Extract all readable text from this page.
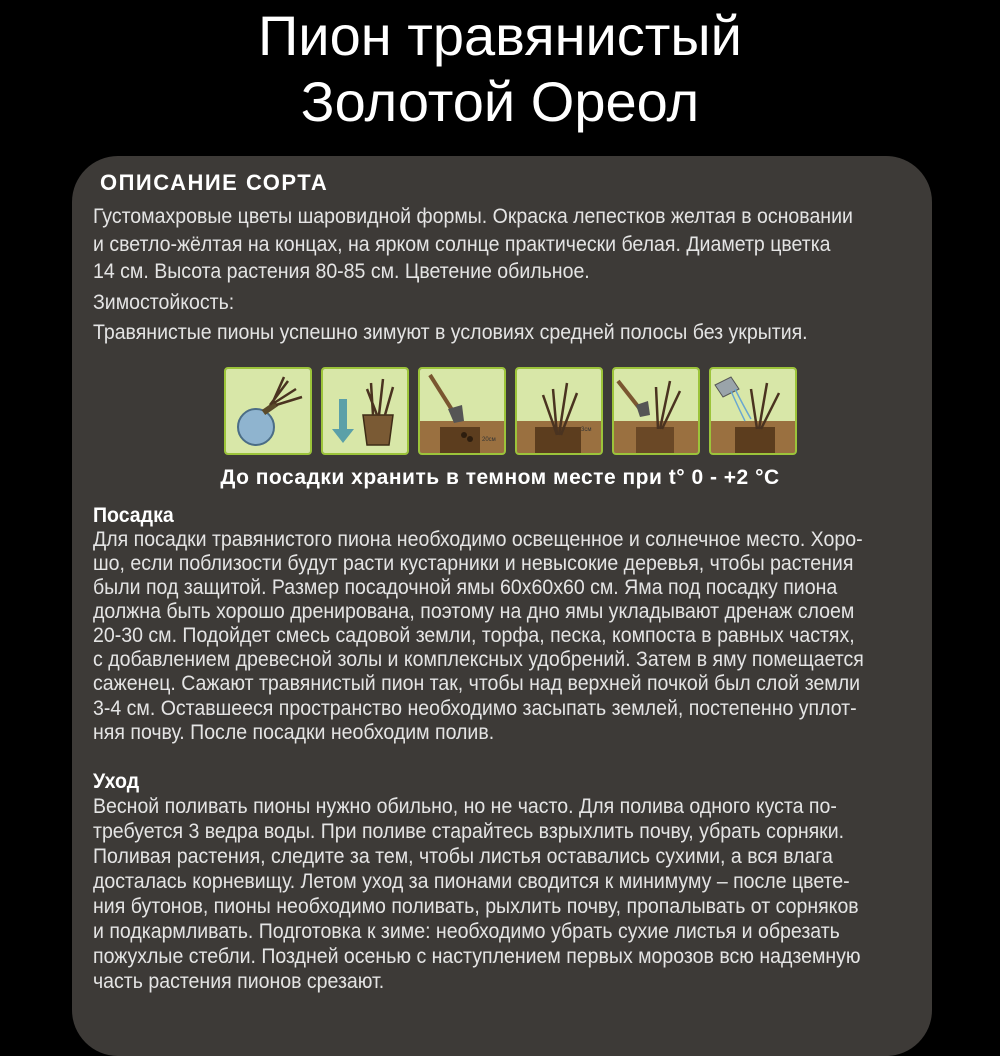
Пион травянистый
Золотой Ореол
ОПИСАНИЕ СОРТА
Густомахровые цветы шаровидной формы. Окраска лепестков желтая в основании
и светло-жёлтая на концах, на ярком солнце практически белая. Диаметр цветка
14 см. Высота растения 80-85 см. Цветение обильное.
Зимостойкость:
Травянистые пионы успешно зимуют в условиях средней полосы без укрытия.
20см
3см
До посадки хранить в темном месте при t° 0 - +2 °C
Посадка
Для посадки травянистого пиона необходимо освещенное и солнечное место. Хоро-
шо, если поблизости будут расти кустарники и невысокие деревья, чтобы растения
были под защитой. Размер посадочной ямы 60х60х60 см. Яма под посадку пиона
должна быть хорошо дренирована, поэтому на дно ямы укладывают дренаж слоем
20-30 см. Подойдет смесь садовой земли, торфа, песка, компоста в равных частях,
с добавлением древесной золы и комплексных удобрений. Затем в яму помещается
саженец. Сажают травянистый пион так, чтобы над верхней почкой был слой земли
3-4 см. Оставшееся пространство необходимо засыпать землей, постепенно уплот-
няя почву. После посадки необходим полив.
Уход
Весной поливать пионы нужно обильно, но не часто. Для полива одного куста по-
требуется 3 ведра воды. При поливе старайтесь взрыхлить почву, убрать сорняки.
Поливая растения, следите за тем, чтобы листья оставались сухими, а вся влага
досталась корневищу. Летом уход за пионами сводится к минимуму – после цвете-
ния бутонов, пионы необходимо поливать, рыхлить почву, пропалывать от сорняков
и подкармливать. Подготовка к зиме: необходимо убрать сухие листья и обрезать
пожухлые стебли. Поздней осенью с наступлением первых морозов всю надземную
часть растения пионов срезают.
